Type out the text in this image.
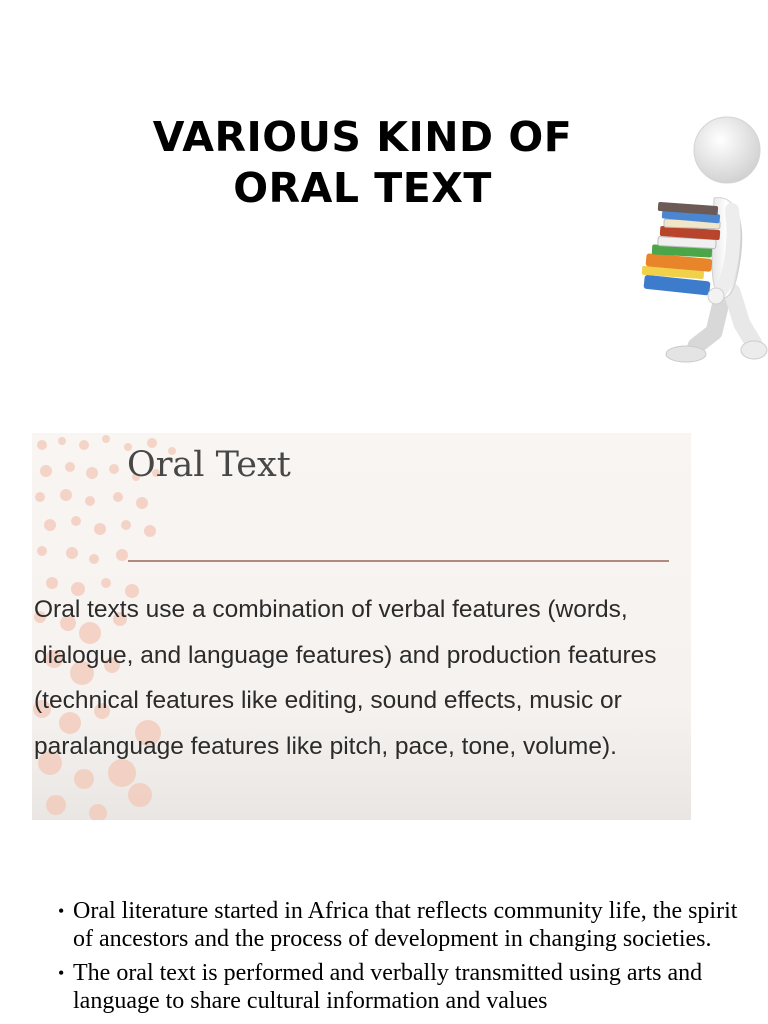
VARIOUS KIND OF
ORAL TEXT
Oral Text

Oral texts use a combination of verbal features (words, dialogue, and language features) and production features (technical features like editing, sound effects, music or paralanguage features like pitch, pace, tone, volume).

• Oral literature started in Africa that reflects community life, the spirit of ancestors and the process of development in changing societies.
• The oral text is performed and verbally transmitted using arts and language to share cultural information and values
